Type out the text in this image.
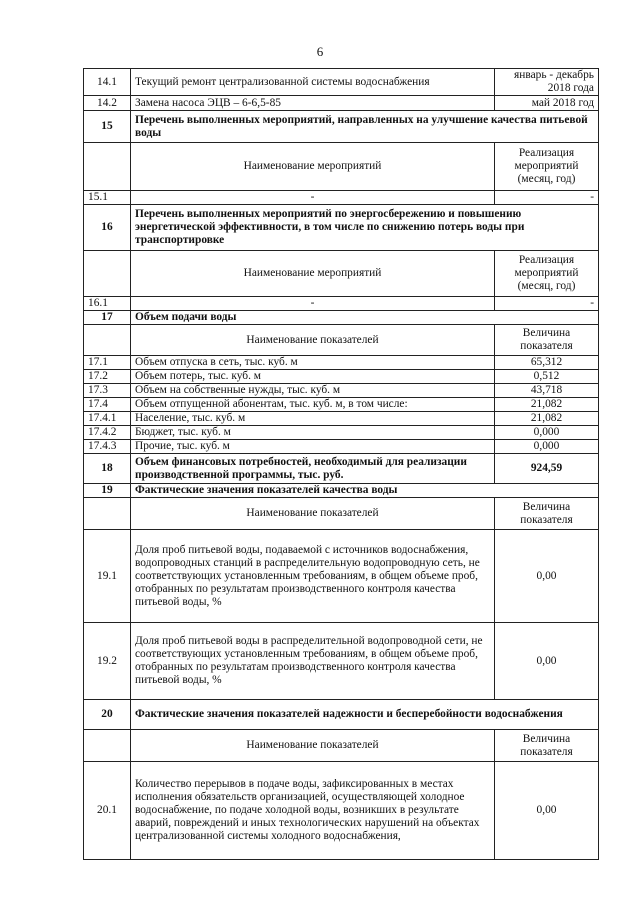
6
14.1	Текущий ремонт централизованной системы водоснабжения	январь - декабрь 2018 года
14.2	Замена насоса ЭЦВ – 6-6,5-85	май 2018 год
15	Перечень выполненных мероприятий, направленных на улучшение качества питьевой воды	
	Наименование мероприятий	Реализация мероприятий (месяц, год)
15.1	-	-
16	Перечень выполненных мероприятий по энергосбережению и повышению энергетической эффективности, в том числе по снижению потерь воды при транспортировке	
	Наименование мероприятий	Реализация мероприятий (месяц, год)
16.1	-	-
17	Объем подачи воды	
	Наименование показателей	Величина показателя
17.1	Объем отпуска в сеть, тыс. куб. м	65,312
17.2	Объем потерь, тыс. куб. м	0,512
17.3	Объем на собственные нужды, тыс. куб. м	43,718
17.4	Объем отпущенной абонентам, тыс. куб. м, в том числе:	21,082
17.4.1	Население, тыс. куб. м	21,082
17.4.2	Бюджет, тыс. куб. м	0,000
17.4.3	Прочие, тыс. куб. м	0,000
18	Объем финансовых потребностей, необходимый для реализации производственной программы, тыс. руб.	924,59
19	Фактические значения показателей качества воды	
	Наименование показателей	Величина показателя
19.1	Доля проб питьевой воды, подаваемой с источников водоснабжения, водопроводных станций в распределительную водопроводную сеть, не соответствующих установленным требованиям, в общем объеме проб, отобранных по результатам производственного контроля качества питьевой воды, %	0,00
19.2	Доля проб питьевой воды в распределительной водопроводной сети, не соответствующих установленным требованиям, в общем объеме проб, отобранных по результатам производственного контроля качества питьевой воды, %	0,00
20	Фактические значения показателей надежности и бесперебойности водоснабжения	
	Наименование показателей	Величина показателя
20.1	Количество перерывов в подаче воды, зафиксированных в местах исполнения обязательств организацией, осуществляющей холодное водоснабжение, по подаче холодной воды, возникших в результате аварий, повреждений и иных технологических нарушений на объектах централизованной системы холодного водоснабжения,	0,00
